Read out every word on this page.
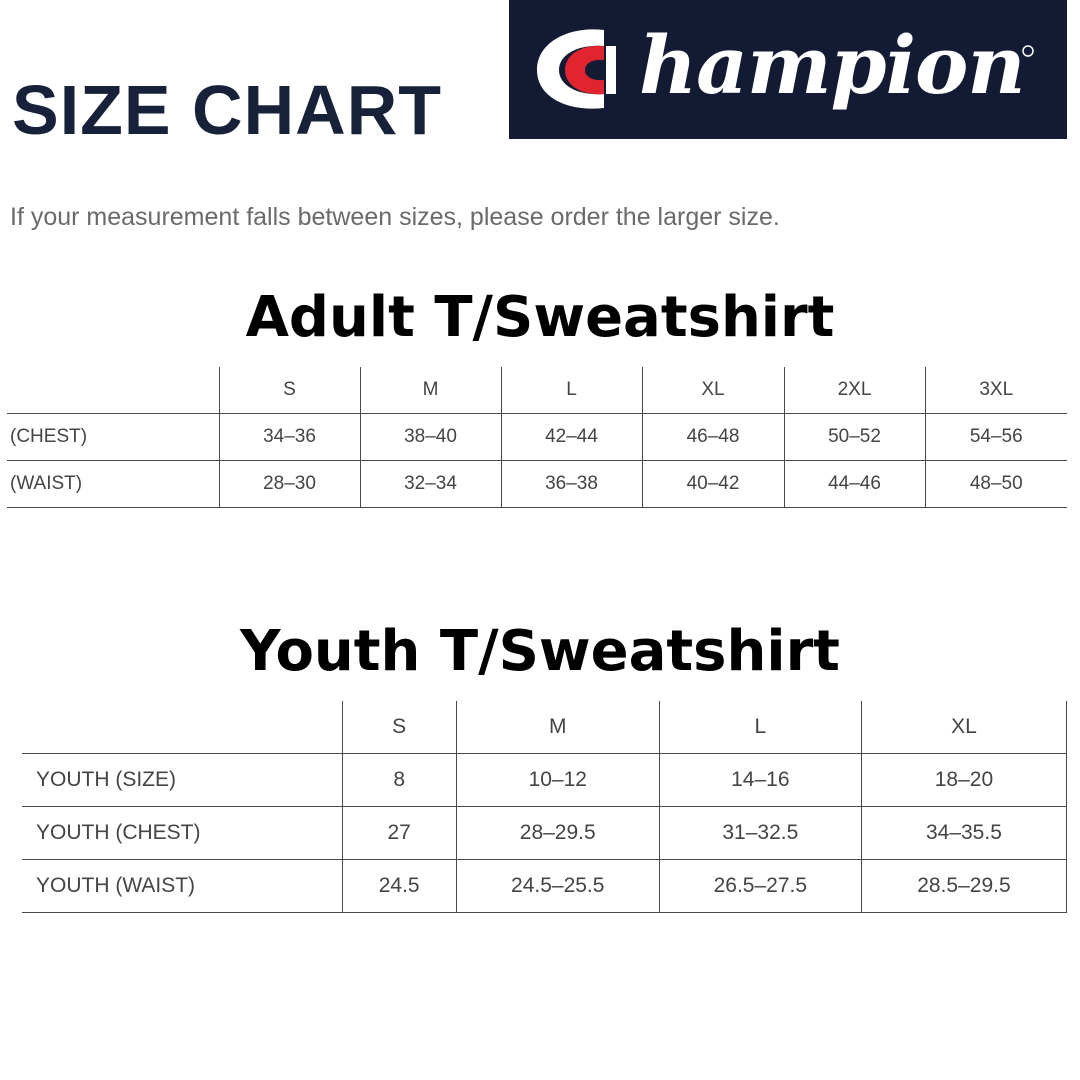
SIZE CHART hampion
If your measurement falls between sizes, please order the larger size.
Adult T/Sweatshirt
	S	M	L	XL	2XL	3XL
(CHEST)	34–36	38–40	42–44	46–48	50–52	54–56
(WAIST)	28–30	32–34	36–38	40–42	44–46	48–50
Youth T/Sweatshirt
	S	M	L	XL
YOUTH (SIZE)	8	10–12	14–16	18–20
YOUTH (CHEST)	27	28–29.5	31–32.5	34–35.5
YOUTH (WAIST)	24.5	24.5–25.5	26.5–27.5	28.5–29.5
